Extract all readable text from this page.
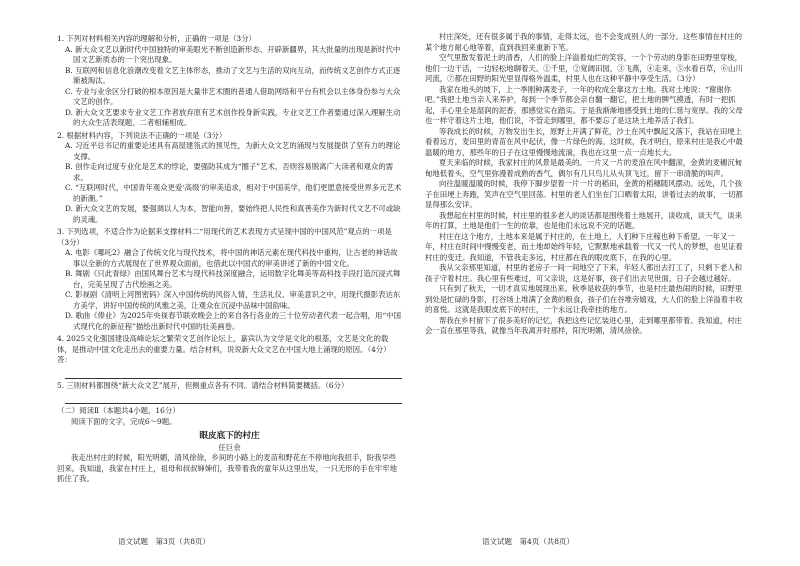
1. 下列对材料相关内容的理解和分析，正确的一项是（3分）
A. 新大众文艺以新时代中国独特的审美眼光不断创造新形态、开辟新疆界，其大批量的出现是新时代中国文艺新质态的一个突出现象。
B. 互联网和信息化浪潮改变着文艺主体形态，推动了文艺与生活的双向互动，而传统文艺创作方式正逐渐被淘汰。
C. 专业与业余区分打破的根本原因是大量非艺术圈的普通人借助网络和平台有机会以主体身份参与大众文艺的创作。
D. 新大众文艺要求专业文艺工作者放弃原有艺术创作投身新实践，专业文艺工作者要通过深入理解生动的大众生活表现题、二者相辅相成。
2. 根据材料内容，下列说法不正确的一项是（3分）
A. 习近平总书记的重要论述具有高屋建瓴式的预见性，为新大众文艺的涌现与发展提供了坚有力的理论支撑。
B. 创作走向过度专业化是艺术的悖论，要强防其成为“圈子”艺术，否则容易脱离广大读者和观众的需求。
C. “互联网时代，中国青年观众更爱‘高级’的审美追求，相对于中国美学，他们更愿意接受世界多元艺术的新潮。”
D. 新大众文艺的发展，要强调以人为本，智能向善，要始终把人民性和真善美作为新时代文艺不可或缺的灵魂。
3. 下列选项，不适合作为论据来支撑材料二“用现代的艺术表现方式呈现中国的中国风范”观点的一项是（3分）
A. 电影《哪吒2》融合了传统文化与现代技术，将中国的神话元素在现代科技中重构，让古老的神话故事以全新的方式展现在了世界观众面前，也借此以中国式的审美讲述了新的中国文化。
B. 舞剧《只此青绿》由国风舞台艺术与现代科技深度融合，运用数字化舞美等高科技手段打造沉浸式舞台，完美呈现了古代绘画之美。
C. 影视剧《清明上河图密码》深入中国传统的风俗人情，生活礼仪、审美意识之中，用现代摄影表达东方美学，讲好中国传统的风雅之美，让观众在沉浸中品味中国韵味。
D. 歌曲《俸业》为2025年央视春节联欢晚会上的来自各行各业的三十位劳动者代表一起合唱，用“中国式现代化的新征程”描绘出新时代中国的壮美画卷。
4. 2025文化强国建设高峰论坛之繁荣文艺创作论坛上，嘉宾认为文学是文化的根基，文艺是文化的载体，是推动中国文化走出去的重要力量。结合材料，说说新大众文艺在中国大地上涌现的原因。（4分）
答：
5. 三则材料都围绕“新大众文艺”展开，但侧重点各有不同。请结合材料简要概括。（6分）
（二）阅读Ⅱ（本题共4小题，16分）
阅读下面的文字，完成6～9题。
眼皮底下的村庄
任巨余
我走出村庄的时候，阳光明媚，清风徐徐，乡间的小路上的麦苗和野花在不停地向我招手，盼我早些回来。我知道，我家在村庄上，祖母和叔叔婶婶们，我带着我的童年从这里出发，一只无形的手在牢牢地抓住了我。
村庄深处，还有很多属于我的事情，走得太远，也不会变成别人的一部分。这些事情在村庄的某个地方耐心地等着，直到我回来重新下笔。
空气里散发着泥土的清香，人们的脸上洋溢着灿烂的笑容，一个个劳动的身影在田野里穿梭，他们一边干活，一边轻松地聊着天。①千里，②宽阔田园，③飞燕，④走来，⑤水看百草，⑥山川河流，⑦都在田野的阳光里显得格外温柔，村里人也在这种平静中享受生活。（3分）
我家在地头的坡下，上一季刚种满麦子，一年的收成全靠这方土地。我对土地说：“谢谢你吧。”我把土地当亲人来养护，每到一个季节都会亲自翻一翻它，把土地的脾气摸透，有时一把抓起，手心里全是湿润的泥香，那感觉实在踏实。于是我渐渐地感受到土地的仁慈与宽厚。我的父母也一样守着这片土地，他们说，不管走到哪里，都不要忘了是这块土地养活了我们。
等我成长的时候，万物发出生长，原野上开满了鲜花，沙土在风中飘起又落下，我站在田埂上看着远方，麦田里的青苗在风中起伏，像一片绿色的海。这时候，我才明白，原来村庄是我心中最温暖的地方，那些年的日子在这里慢慢地流淌，我也在这里一点一点地长大。
夏天来临的时候，我家村庄的风景是最美的。一片又一片的麦浪在风中翻滚，金黄的麦穗沉甸甸地低着头，空气里弥漫着成熟的香气，偶尔有几只鸟儿从头顶飞过，留下一串清脆的叫声。
向往温暖温暖的时候，我停下脚步望着一片一片的稻田，金黄的稻穗随风摆动。远处，几个孩子在田埂上奔跑，笑声在空气里回荡。村里的老人们坐在门口晒着太阳，讲着过去的故事，一切都显得那么安详。
我想起在村里的时候，村庄里的很多老人的谈话都是围绕着土地展开，谈收成，谈天气，谈来年的打算，土地是他们一生的依靠，也是他们永远说不完的话题。
村庄在这个地方，土地本来是属于村庄的，在土地上，人们种下庄稼也种下希望。一年又一年，村庄在时间中慢慢变老，而土地却始终年轻，它默默地承载着一代又一代人的梦想，也见证着村庄的变迁。我知道，不管我走多远，村庄都在我的眼皮底下，在我的心里。
我从父亲那里知道，村里的老房子一间一间地空了下来，年轻人都出去打工了，只剩下老人和孩子守着村庄。我心里有些难过，可父亲说，这是好事，孩子们出去见世面，日子会越过越好。
只有到了秋天，一切才真实地展现出来。秋季是收获的季节，也是村庄最热闹的时候，田野里到处是忙碌的身影，打谷场上堆满了金黄的粮食，孩子们在谷堆旁嬉戏，大人们的脸上洋溢着丰收的喜悦。这就是我眼皮底下的村庄，一个永远让我牵挂的地方。
帮我在乡村留下了很多美好的记忆，我把这些记忆装进心里，走到哪里都带着。我知道，村庄会一直在那里等我，就像当年我离开时那样，阳光明媚，清风徐徐。
语文试题　第3页（共8页）	语文试题　第4页（共8页）
